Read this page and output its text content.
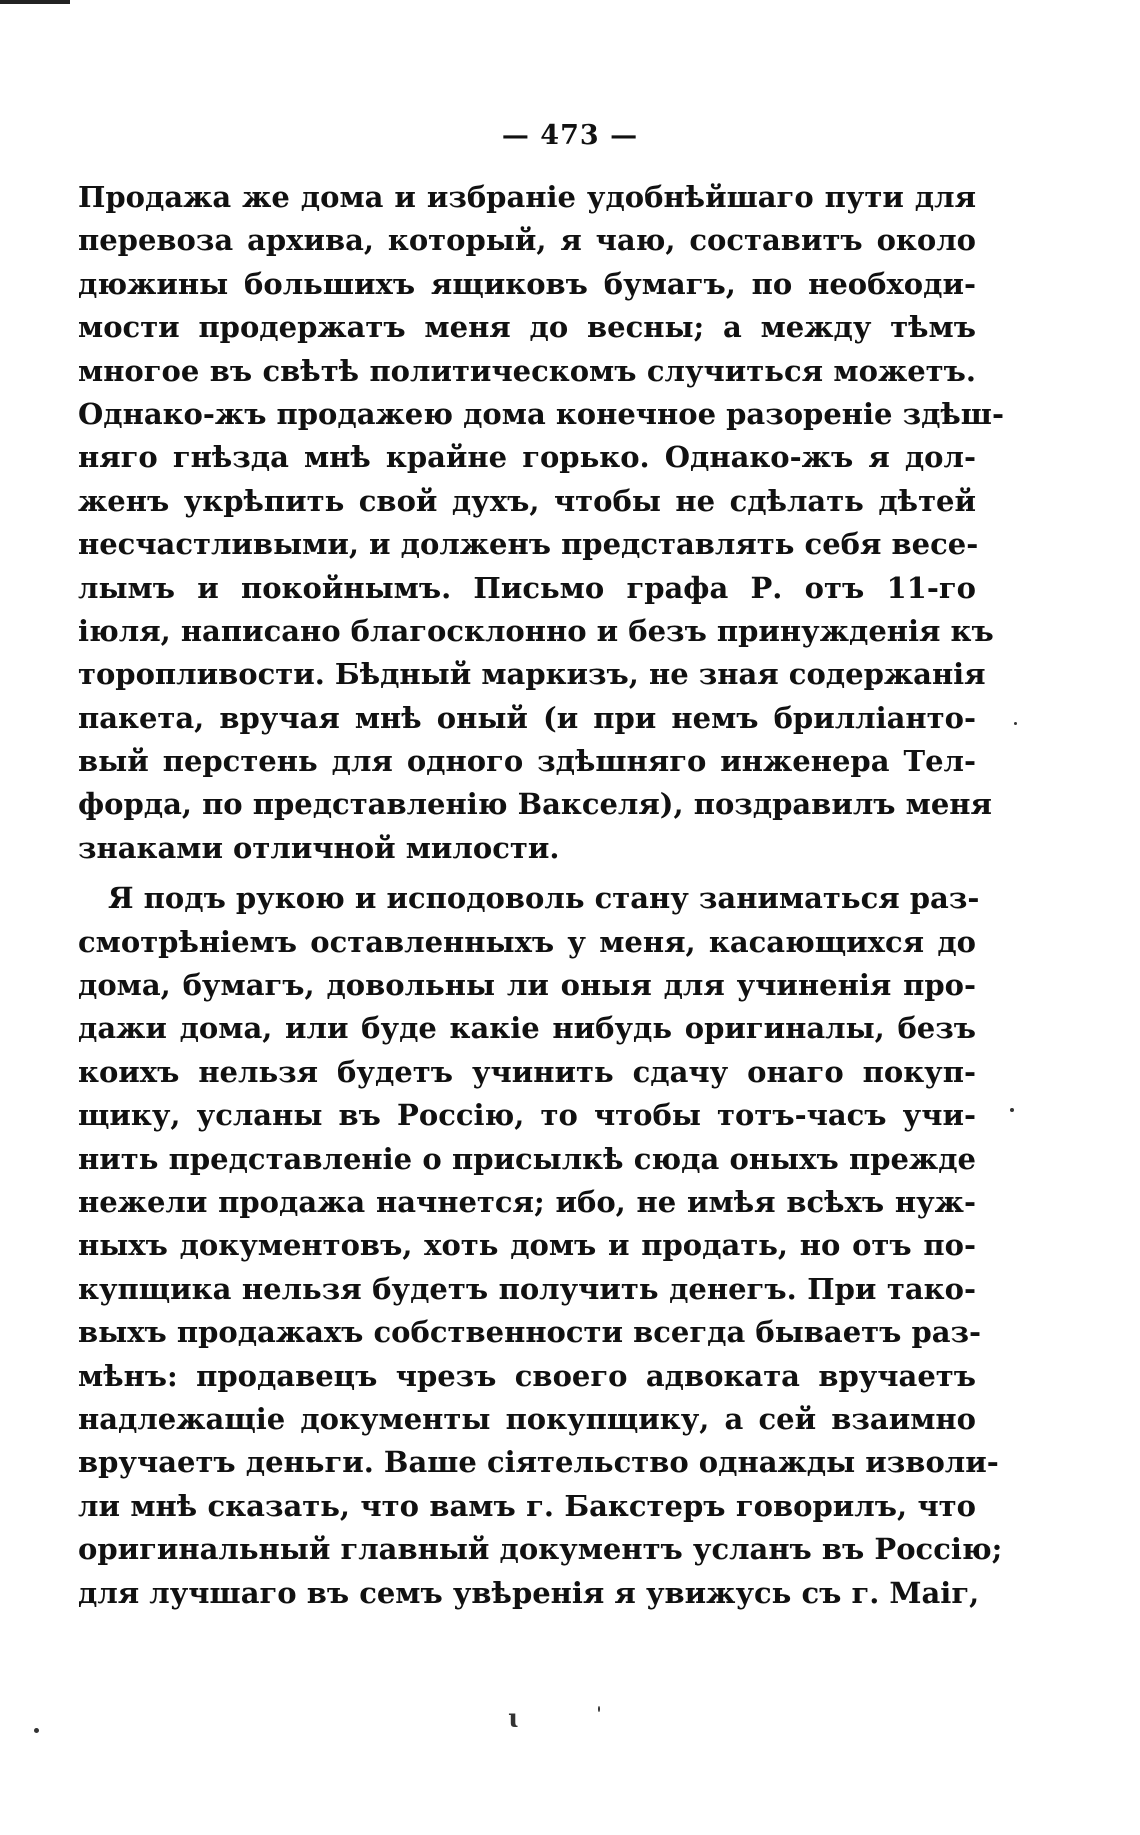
— 473 —
Продажа же дома и избраніе удобнѣйшаго пути для
перевоза архива, который, я чаю, составитъ около
дюжины большихъ ящиковъ бумагъ, по необходи-
мости продержатъ меня до весны; а между тѣмъ
многое въ свѣтѣ политическомъ случиться можетъ.
Однако-жъ продажею дома конечное разореніе здѣш-
няго гнѣзда мнѣ крайне горько. Однако-жъ я дол-
женъ укрѣпить свой духъ, чтобы не сдѣлать дѣтей
несчастливыми, и долженъ представлять себя весе-
лымъ и покойнымъ. Письмо графа Р. отъ 11-го
іюля, написано благосклонно и безъ принужденія къ
торопливости. Бѣдный маркизъ, не зная содержанія
пакета, вручая мнѣ оный (и при немъ брилліанто-
вый перстень для одного здѣшняго инженера Тел-
форда, по представленію Вакселя), поздравилъ меня
знаками отличной милости.
Я подъ рукою и исподоволь стану заниматься раз-
смотрѣніемъ оставленныхъ у меня, касающихся до
дома, бумагъ, довольны ли оныя для учиненія про-
дажи дома, или буде какіе нибудь оригиналы, безъ
коихъ нельзя будетъ учинить сдачу онаго покуп-
щику, усланы въ Россію, то чтобы тотъ-часъ учи-
нить представленіе о присылкѣ сюда оныхъ прежде
нежели продажа начнется; ибо, не имѣя всѣхъ нуж-
ныхъ документовъ, хоть домъ и продать, но отъ по-
купщика нельзя будетъ получить денегъ. При тако-
выхъ продажахъ собственности всегда бываетъ раз-
мѣнъ: продавецъ чрезъ своего адвоката вручаетъ
надлежащіе документы покупщику, а сей взаимно
вручаетъ деньги. Ваше сіятельство однажды изволи-
ли мнѣ сказать, что вамъ г. Бакстеръ говорилъ, что
оригинальный главный документъ усланъ въ Россію;
для лучшаго въ семъ увѣренія я увижусь съ г. Маіг,
ɩ
